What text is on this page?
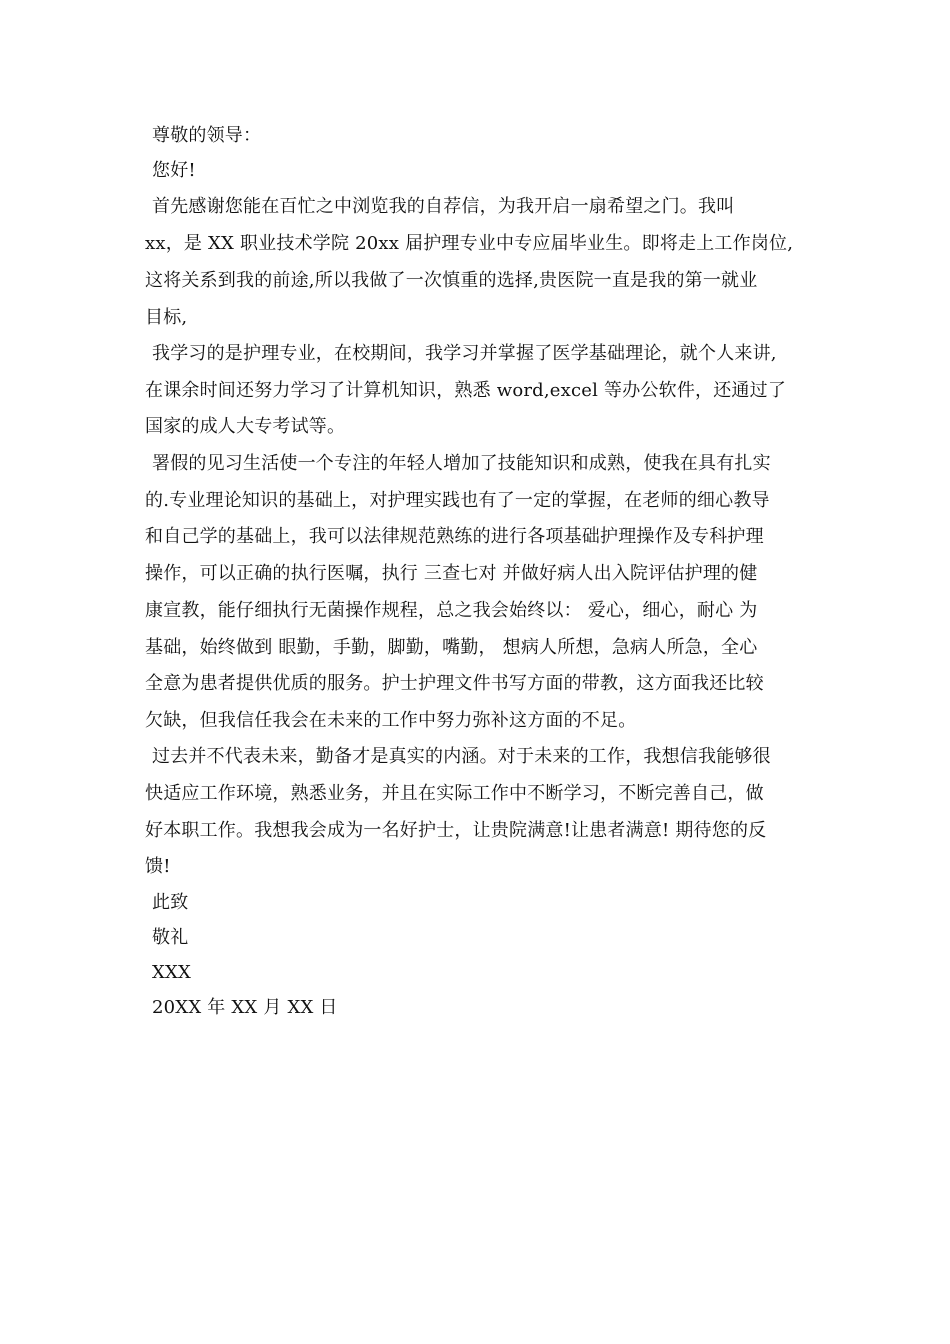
尊敬的领导：
您好!
首先感谢您能在百忙之中浏览我的自荐信，为我开启一扇希望之门。我叫
xx，是 XX 职业技术学院 20xx 届护理专业中专应届毕业生。即将走上工作岗位,
这将关系到我的前途,所以我做了一次慎重的选择,贵医院一直是我的第一就业
目标,
我学习的是护理专业，在校期间，我学习并掌握了医学基础理论，就个人来讲,
在课余时间还努力学习了计算机知识，熟悉 word,excel 等办公软件，还通过了
国家的成人大专考试等。
署假的见习生活使一个专注的年轻人增加了技能知识和成熟，使我在具有扎实
的.专业理论知识的基础上，对护理实践也有了一定的掌握，在老师的细心教导
和自己学的基础上，我可以法律规范熟练的进行各项基础护理操作及专科护理
操作，可以正确的执行医嘱，执行 三查七对 并做好病人出入院评估护理的健
康宣教，能仔细执行无菌操作规程，总之我会始终以： 爱心，细心，耐心 为
基础，始终做到 眼勤，手勤，脚勤，嘴勤， 想病人所想，急病人所急，全心
全意为患者提供优质的服务。护士护理文件书写方面的带教，这方面我还比较
欠缺，但我信任我会在未来的工作中努力弥补这方面的不足。
过去并不代表未来，勤备才是真实的内涵。对于未来的工作，我想信我能够很
快适应工作环境，熟悉业务，并且在实际工作中不断学习，不断完善自己，做
好本职工作。我想我会成为一名好护士，让贵院满意!让患者满意! 期待您的反
馈!
此致
敬礼
XXX
20XX 年 XX 月 XX 日
